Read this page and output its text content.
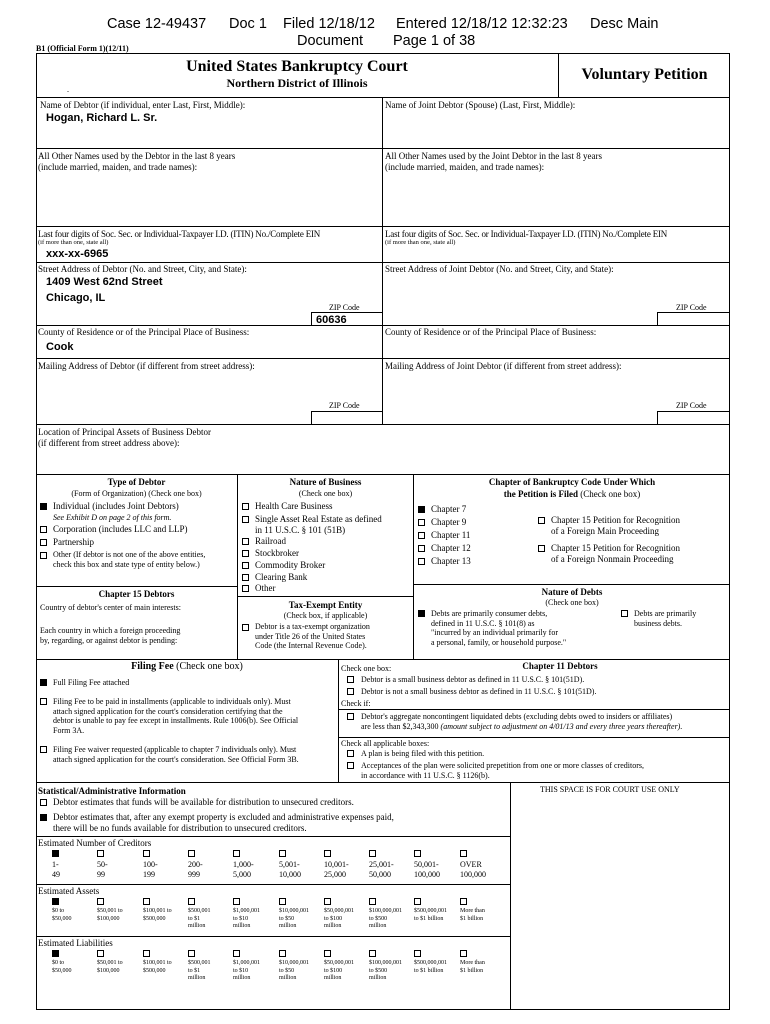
Case 12-49437 Doc 1 Filed 12/18/12 Entered 12/18/12 12:32:23 Desc Main
Document Page 1 of 38
B1 (Official Form 1)(12/11)
United States Bankruptcy Court
Northern District of Illinois
.
Voluntary Petition
Name of Debtor (if individual, enter Last, First, Middle):
Hogan, Richard L. Sr.
Name of Joint Debtor (Spouse) (Last, First, Middle):
All Other Names used by the Debtor in the last 8 years
(include married, maiden, and trade names):
All Other Names used by the Joint Debtor in the last 8 years
(include married, maiden, and trade names):
Last four digits of Soc. Sec. or Individual-Taxpayer I.D. (ITIN) No./Complete EIN
(if more than one, state all)
xxx-xx-6965
Last four digits of Soc. Sec. or Individual-Taxpayer I.D. (ITIN) No./Complete EIN
(if more than one, state all)
Street Address of Debtor (No. and Street, City, and State):
1409 West 62nd Street
Chicago, IL
ZIP Code
60636
Street Address of Joint Debtor (No. and Street, City, and State):
ZIP Code
County of Residence or of the Principal Place of Business:
Cook
County of Residence or of the Principal Place of Business:
Mailing Address of Debtor (if different from street address):	Mailing Address of Joint Debtor (if different from street address):
ZIP Code	ZIP Code
Location of Principal Assets of Business Debtor
(if different from street address above):
Type of Debtor
(Form of Organization) (Check one box)
Individual (includes Joint Debtors)
See Exhibit D on page 2 of this form.
Corporation (includes LLC and LLP)
Partnership
Other (If debtor is not one of the above entities,
check this box and state type of entity below.)
Nature of Business
(Check one box)
Health Care Business
Single Asset Real Estate as defined
in 11 U.S.C. § 101 (51B)
Railroad
Stockbroker
Commodity Broker
Clearing Bank
Other
Chapter of Bankruptcy Code Under Which
the Petition is Filed (Check one box)
Chapter 7
Chapter 9
Chapter 11
Chapter 12
Chapter 13
Chapter 15 Petition for Recognition
of a Foreign Main Proceeding
Chapter 15 Petition for Recognition
of a Foreign Nonmain Proceeding
Chapter 15 Debtors
Country of debtor's center of main interests:
Each country in which a foreign proceeding
by, regarding, or against debtor is pending:
Tax-Exempt Entity
(Check box, if applicable)
Debtor is a tax-exempt organization
under Title 26 of the United States
Code (the Internal Revenue Code).
Nature of Debts
(Check one box)
Debts are primarily consumer debts,
defined in 11 U.S.C. § 101(8) as
"incurred by an individual primarily for
a personal, family, or household purpose."
Debts are primarily
business debts.
Filing Fee (Check one box)
Full Filing Fee attached
Filing Fee to be paid in installments (applicable to individuals only). Must
attach signed application for the court's consideration certifying that the
debtor is unable to pay fee except in installments. Rule 1006(b). See Official
Form 3A.
Filing Fee waiver requested (applicable to chapter 7 individuals only). Must
attach signed application for the court's consideration. See Official Form 3B.
Check one box:	Chapter 11 Debtors
Debtor is a small business debtor as defined in 11 U.S.C. § 101(51D).
Debtor is not a small business debtor as defined in 11 U.S.C. § 101(51D).
Check if:
Debtor's aggregate noncontingent liquidated debts (excluding debts owed to insiders or affiliates)
are less than $2,343,300 (amount subject to adjustment on 4/01/13 and every three years thereafter).
Check all applicable boxes:
A plan is being filed with this petition.
Acceptances of the plan were solicited prepetition from one or more classes of creditors,
in accordance with 11 U.S.C. § 1126(b).
Statistical/Administrative Information	THIS SPACE IS FOR COURT USE ONLY
Debtor estimates that funds will be available for distribution to unsecured creditors.
Debtor estimates that, after any exempt property is excluded and administrative expenses paid,
there will be no funds available for distribution to unsecured creditors.
Estimated Number of Creditors
1-
49
50-
99
100-
199
200-
999
1,000-
5,000
5,001-
10,000
10,001-
25,000
25,001-
50,000
50,001-
100,000
OVER
100,000
Estimated Assets
$0 to
$50,000
$50,001 to
$100,000
$100,001 to
$500,000
$500,001
to $1
million
$1,000,001
to $10
million
$10,000,001
to $50
million
$50,000,001
to $100
million
$100,000,001
to $500
million
$500,000,001
to $1 billion
More than
$1 billion
Estimated Liabilities
$0 to
$50,000
$50,001 to
$100,000
$100,001 to
$500,000
$500,001
to $1
million
$1,000,001
to $10
million
$10,000,001
to $50
million
$50,000,001
to $100
million
$100,000,001
to $500
million
$500,000,001
to $1 billion
More than
$1 billion
